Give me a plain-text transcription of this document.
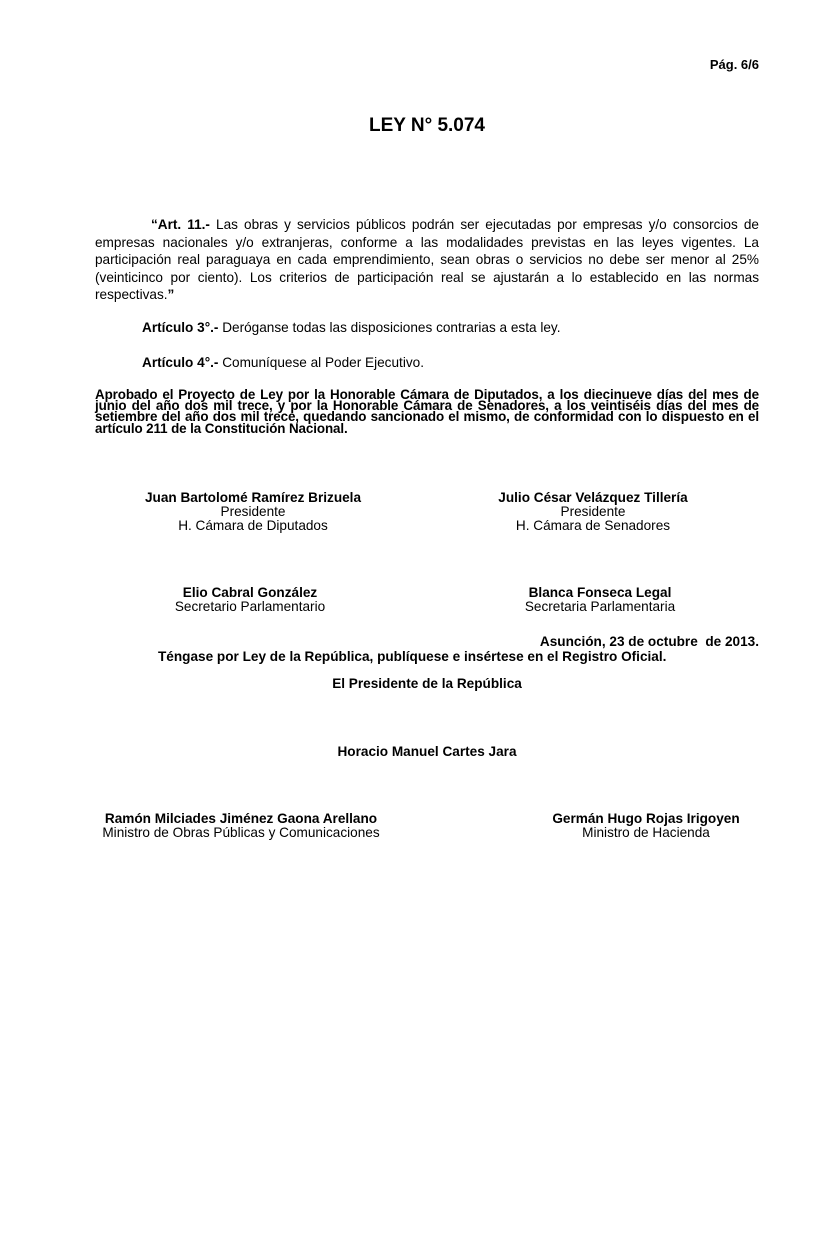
Pág. 6/6
LEY N° 5.074

“Art. 11.- Las obras y servicios públicos podrán ser ejecutadas por empresas y/o consorcios de empresas nacionales y/o extranjeras, conforme a las modalidades previstas en las leyes vigentes. La participación real paraguaya en cada emprendimiento, sean obras o servicios no debe ser menor al 25% (veinticinco por ciento). Los criterios de participación real se ajustarán a lo establecido en las normas respectivas.”

Artículo 3°.- Deróganse todas las disposiciones contrarias a esta ley.
Artículo 4°.- Comuníquese al Poder Ejecutivo.

Aprobado el Proyecto de Ley por la Honorable Cámara de Diputados, a los diecinueve días del mes de junio del año dos mil trece, y por la Honorable Cámara de Senadores, a los veintiséis días del mes de setiembre del año dos mil trece, quedando sancionado el mismo, de conformidad con lo dispuesto en el artículo 211 de la Constitución Nacional.

Juan Bartolomé Ramírez Brizuela
Presidente
H. Cámara de Diputados
Julio César Velázquez Tillería
Presidente
H. Cámara de Senadores
Elio Cabral González
Secretario Parlamentario
Blanca Fonseca Legal
Secretaria Parlamentaria
Asunción, 23 de octubre  de 2013.
Téngase por Ley de la República, publíquese e insértese en el Registro Oficial.
El Presidente de la República
Horacio Manuel Cartes Jara
Ramón Milciades Jiménez Gaona Arellano
Ministro de Obras Públicas y Comunicaciones
Germán Hugo Rojas Irigoyen
Ministro de Hacienda
